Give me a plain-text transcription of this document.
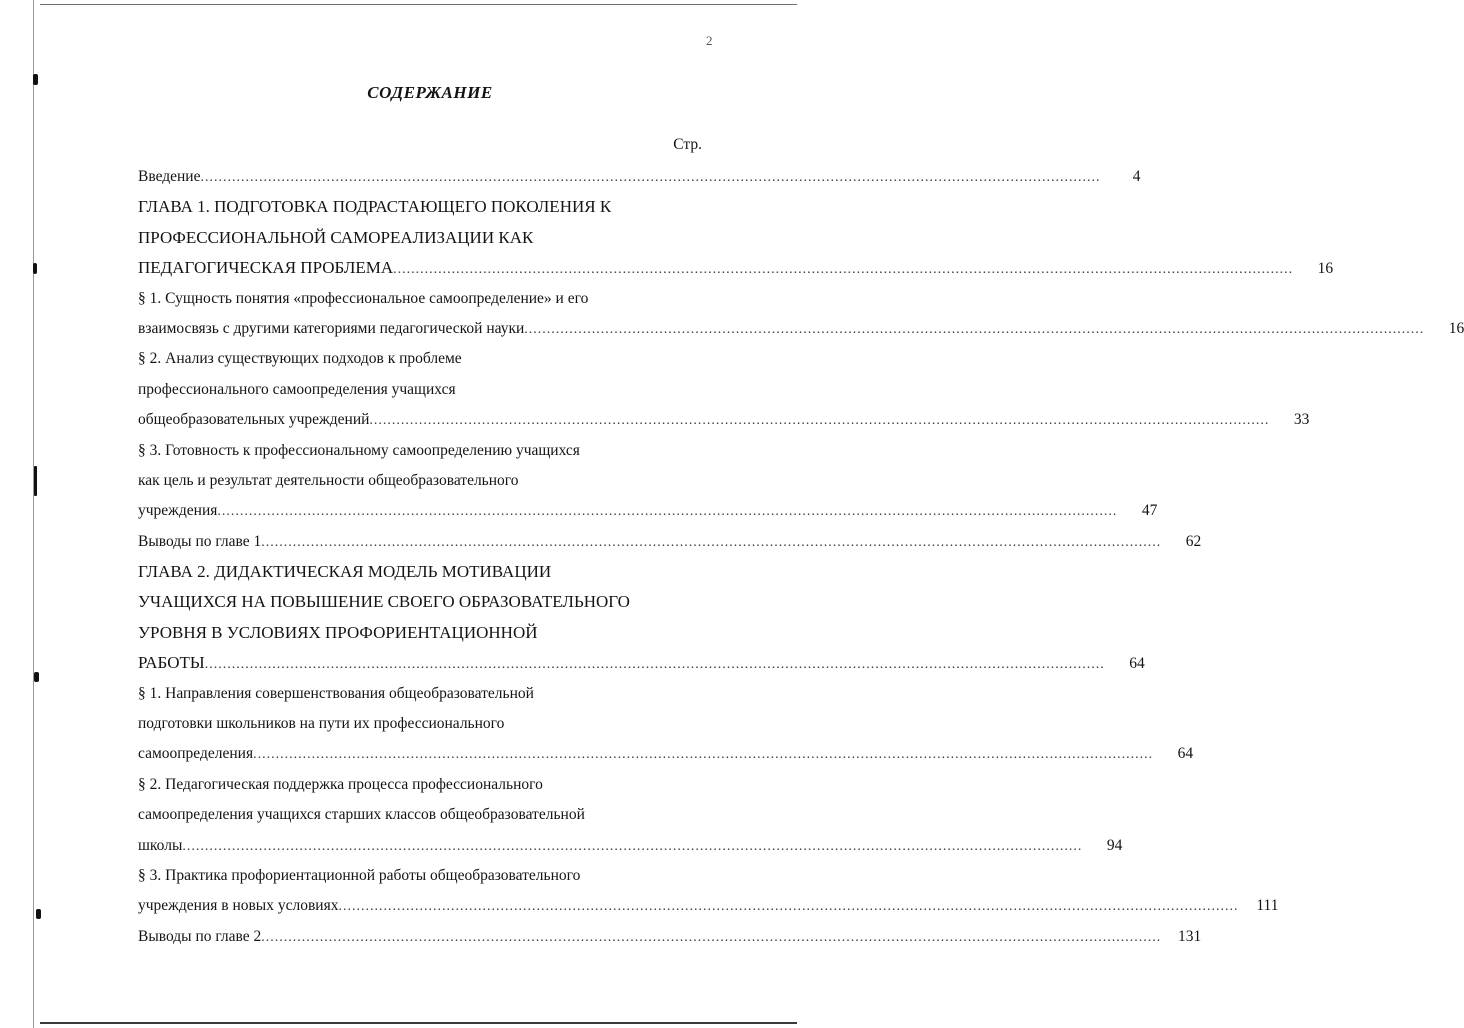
2
СОДЕРЖАНИЕ
Стр.
Введение ........................................................................................................................................................................................................	4
ГЛАВА 1. ПОДГОТОВКА ПОДРАСТАЮЩЕГО ПОКОЛЕНИЯ К
ПРОФЕССИОНАЛЬНОЙ САМОРЕАЛИЗАЦИИ КАК
ПЕДАГОГИЧЕСКАЯ ПРОБЛЕМА ........................................................................................................................................................................................................	16
§ 1. Сущность понятия «профессиональное самоопределение» и его
взаимосвязь с другими категориями педагогической науки ........................................................................................................................................................................................................	16
§ 2. Анализ существующих подходов к проблеме
профессионального самоопределения учащихся
общеобразовательных учреждений ........................................................................................................................................................................................................	33
§ 3. Готовность к профессиональному самоопределению учащихся
как цель и результат деятельности общеобразовательного
учреждения ........................................................................................................................................................................................................	47
Выводы по главе 1 ........................................................................................................................................................................................................	62
ГЛАВА 2. ДИДАКТИЧЕСКАЯ МОДЕЛЬ МОТИВАЦИИ
УЧАЩИХСЯ НА ПОВЫШЕНИЕ СВОЕГО ОБРАЗОВАТЕЛЬНОГО
УРОВНЯ В УСЛОВИЯХ ПРОФОРИЕНТАЦИОННОЙ
РАБОТЫ ........................................................................................................................................................................................................	64
§ 1. Направления совершенствования общеобразовательной
подготовки школьников на пути их профессионального
самоопределения ........................................................................................................................................................................................................	64
§ 2. Педагогическая поддержка процесса профессионального
самоопределения учащихся старших классов общеобразовательной
школы ........................................................................................................................................................................................................	94
§ 3. Практика профориентационной работы общеобразовательного
учреждения в новых условиях ........................................................................................................................................................................................................	111
Выводы по главе 2 ........................................................................................................................................................................................................	131
